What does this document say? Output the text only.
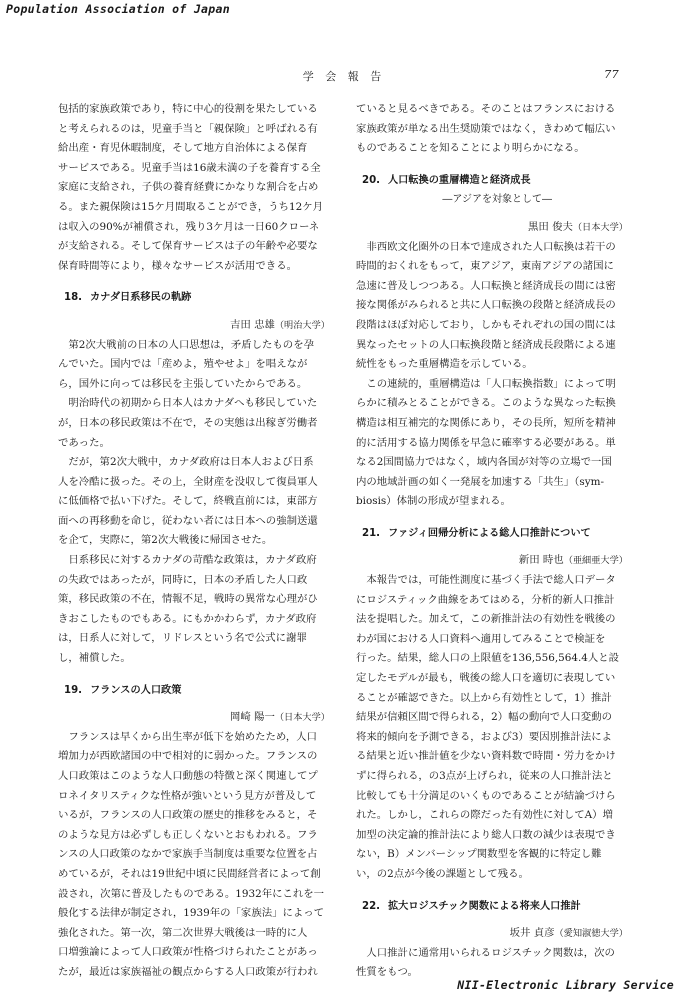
Population Association of Japan
学 会 報 告	77
包括的家族政策であり，特に中心的役割を果たしている
と考えられるのは，児童手当と「親保険」と呼ばれる有
給出産・育児休暇制度，そして地方自治体による保育
サービスである。児童手当は16歳未満の子を養育する全
家庭に支給され，子供の養育経費にかなりな割合を占め
る。また親保険は15ケ月間取ることができ，うち12ケ月
は収入の90%が補償され，残り3ケ月は一日60クローネ
が支給される。そして保育サービスは子の年齢や必要な
保育時間等により，様々なサービスが活用できる。
18. カナダ日系移民の軌跡
吉田 忠雄（明治大学）
　第2次大戦前の日本の人口思想は，矛盾したものを孕
んでいた。国内では「産めよ，殖やせよ」を唱えなが
ら，国外に向っては移民を主張していたからである。
　明治時代の初期から日本人はカナダへも移民していた
が，日本の移民政策は不在で，その実態は出稼ぎ労働者
であった。
　だが，第2次大戦中，カナダ政府は日本人および日系
人を冷酷に扱った。その上，全財産を没収して復員軍人
に低価格で払い下げた。そして，終戦直前には，東部方
面への再移動を命じ，従わない者には日本への強制送還
を企て，実際に，第2次大戦後に帰国させた。
　日系移民に対するカナダの苛酷な政策は，カナダ政府
の失政ではあったが，同時に，日本の矛盾した人口政
策，移民政策の不在，情報不足，戦時の異常な心理がひ
きおこしたものでもある。にもかかわらず，カナダ政府
は，日系人に対して，リドレスという名で公式に謝罪
し，補償した。
19. フランスの人口政策
岡崎 陽一（日本大学）
　フランスは早くから出生率が低下を始めたため，人口
増加力が西欧諸国の中で相対的に弱かった。フランスの
人口政策はこのような人口動態の特徴と深く関連してプ
ロネイタリスティクな性格が強いという見方が普及して
いるが，フランスの人口政策の歴史的推移をみると，そ
のような見方は必ずしも正しくないとおもわれる。フラ
ンスの人口政策のなかで家族手当制度は重要な位置を占
めているが，それは19世紀中頃に民間経営者によって創
設され，次第に普及したものである。1932年にこれを一
般化する法律が制定され，1939年の「家族法」によって
強化された。第一次，第二次世界大戦後は一時的に人
口増強論によって人口政策が性格づけられたことがあっ
たが，最近は家族福祉の観点からする人口政策が行われ
ていると見るべきである。そのことはフランスにおける
家族政策が単なる出生奨励策ではなく，きわめて幅広い
ものであることを知ることにより明らかになる。
20. 人口転換の重層構造と経済成長
―アジアを対象として―
黒田 俊夫（日本大学）
　非西欧文化圏外の日本で達成された人口転換は若干の
時間的おくれをもって，東アジア，東南アジアの諸国に
急速に普及しつつある。人口転換と経済成長の間には密
接な関係がみられると共に人口転換の段階と経済成長の
段階はほぼ対応しており，しかもそれぞれの国の間には
異なったセットの人口転換段階と経済成長段階による連
続性をもった重層構造を示している。
　この連続的，重層構造は「人口転換指数」によって明
らかに積みとることができる。このような異なった転換
構造は相互補完的な関係にあり，その長所，短所を精神
的に活用する協力関係を早急に確率する必要がある。単
なる2国間協力ではなく，域内各国が対等の立場で一国
内の地域計画の如く一発展を加速する「共生」（sym-
biosis）体制の形成が望まれる。
21. ファジィ回帰分析による総人口推計について
新田 時也（亜細亜大学）
　本報告では，可能性測度に基づく手法で総人口データ
にロジスティック曲線をあてはめる，分析的新人口推計
法を提唱した。加えて，この新推計法の有効性を戦後の
わが国における人口資料へ適用してみることで検証を
行った。結果，総人口の上限値を136,556,564.4人と設
定したモデルが最も，戦後の総人口を適切に表現してい
ることが確認できた。以上から有効性として，1）推計
結果が信頼区間で得られる，2）幅の動向で人口変動の
将来的傾向を予測できる，および3）要因別推計法によ
る結果と近い推計値を少ない資料数で時間・労力をかけ
ずに得られる，の3点が上げられ，従来の人口推計法と
比較しても十分満足のいくものであることが結論づけら
れた。しかし，これらの際だった有効性に対してA）増
加型の決定論的推計法により総人口数の減少は表現でき
ない，B）メンバーシップ関数型を客観的に特定し難
い，の2点が今後の課題として残る。
22. 拡大ロジスチック関数による将来人口推計
坂井 貞彦（愛知淑徳大学）
　人口推計に通常用いられるロジスチック関数は，次の
性質をもつ。
NII-Electronic Library Service
